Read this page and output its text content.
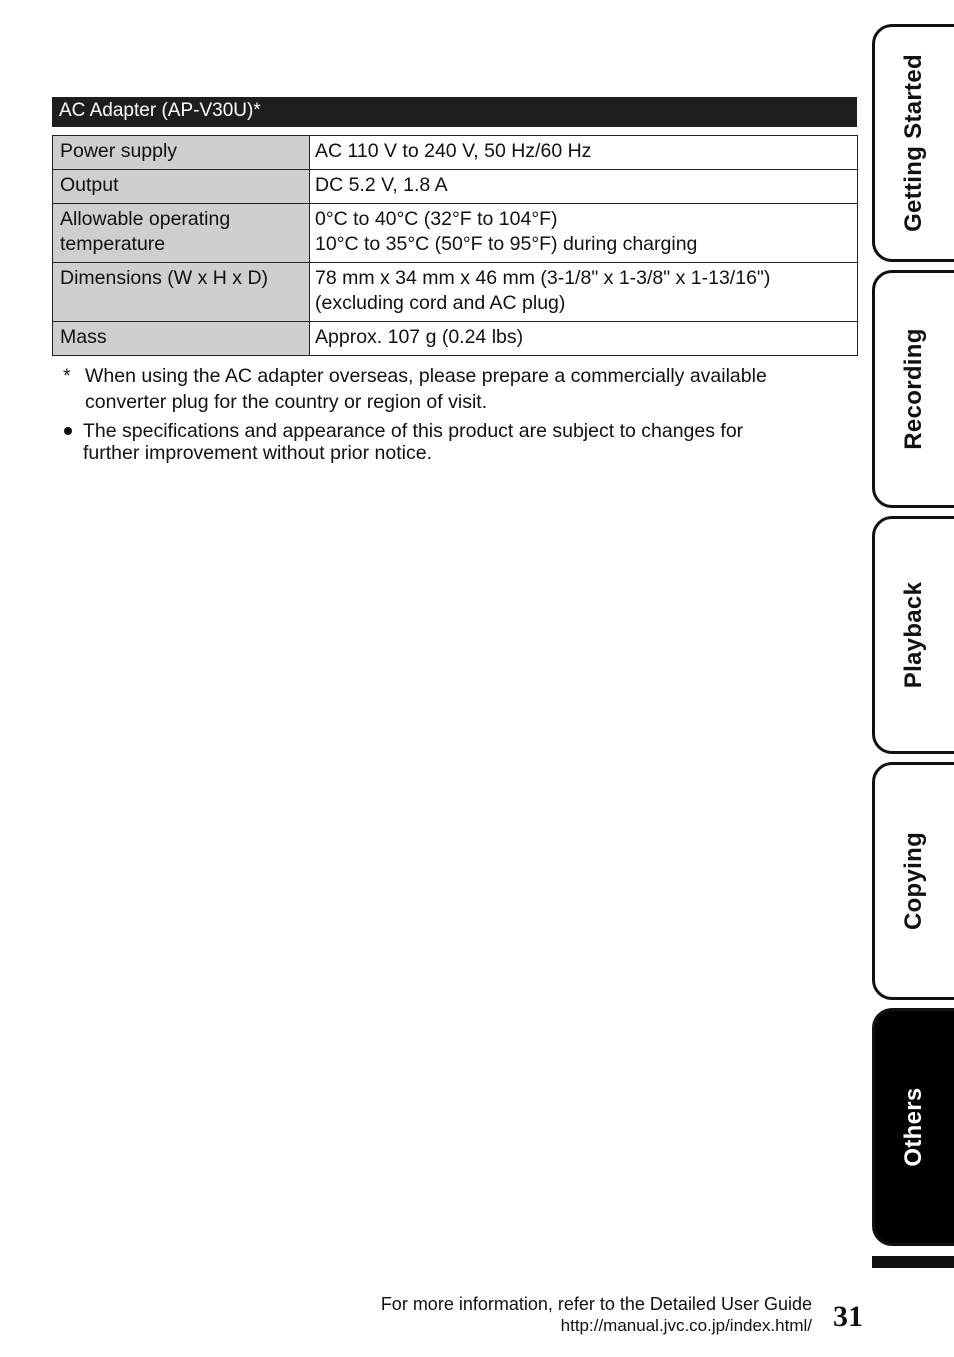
AC Adapter (AP-V30U)*
Power supply	AC 110 V to 240 V, 50 Hz/60 Hz
Output	DC 5.2 V, 1.8 A
Allowable operating
temperature	0°C to 40°C (32°F to 104°F)
10°C to 35°C (50°F to 95°F) during charging
Dimensions (W x H x D)	78 mm x 34 mm x 46 mm (3-1/8" x 1-3/8" x 1-13/16")
(excluding cord and AC plug)
Mass	Approx. 107 g (0.24 lbs)
* When using the AC adapter overseas, please prepare a commercially available
converter plug for the country or region of visit.
The specifications and appearance of this product are subject to changes for
further improvement without prior notice.
Getting Started
Recording
Playback
Copying
Others
For more information, refer to the Detailed User Guide
http://manual.jvc.co.jp/index.html/ 31
